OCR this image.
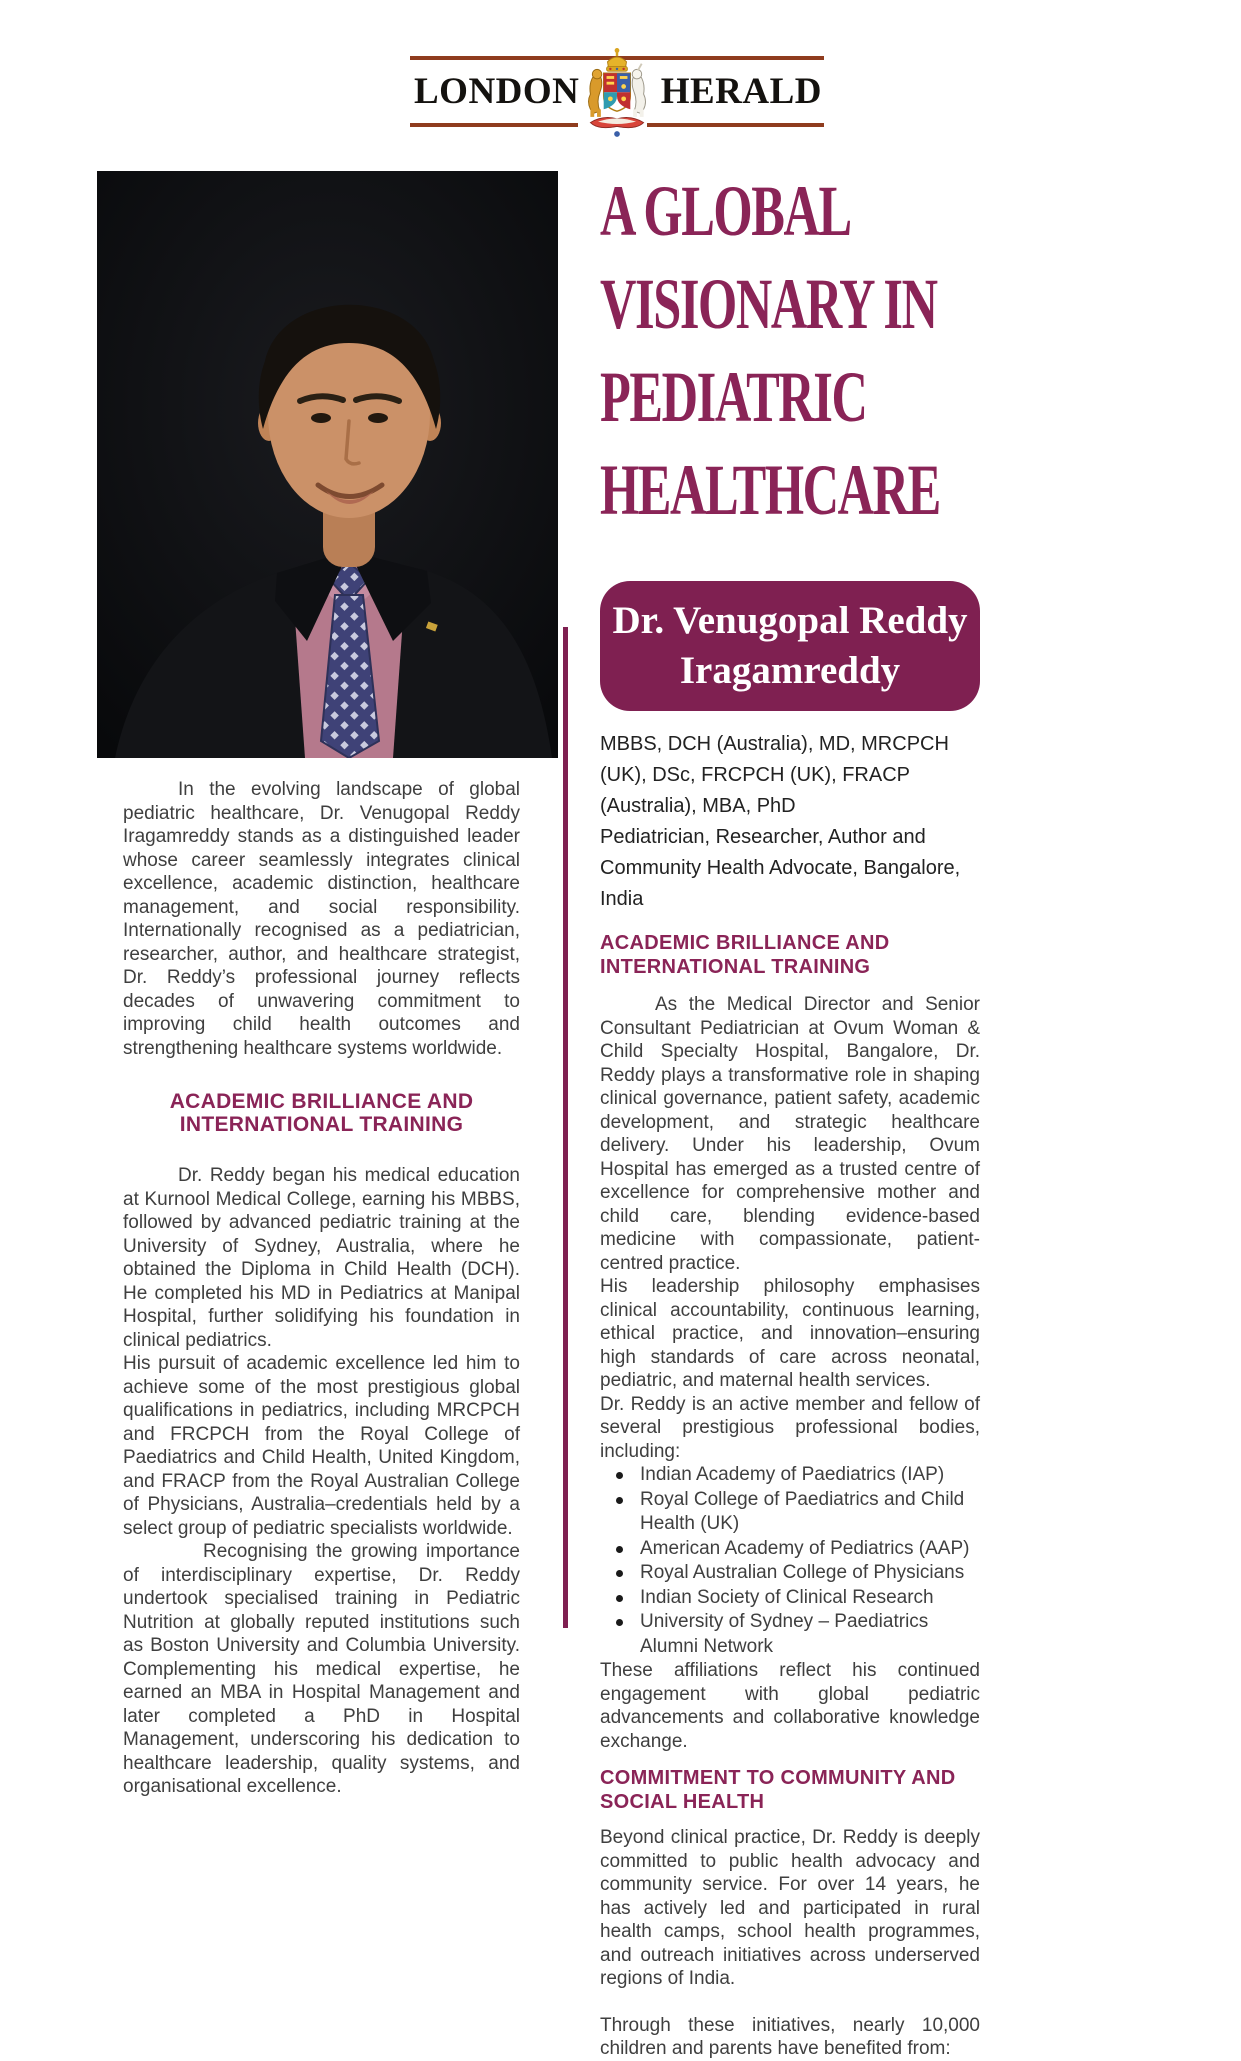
LONDON HERALD

In the evolving landscape of global pediatric healthcare, Dr. Venugopal Reddy Iragamreddy stands as a distinguished leader whose career seamlessly integrates clinical excellence, academic distinction, healthcare management, and social responsibility. Internationally recognised as a pediatrician, researcher, author, and healthcare strategist, Dr. Reddy’s professional journey reflects decades of unwavering commitment to improving child health outcomes and strengthening healthcare systems worldwide.

ACADEMIC BRILLIANCE AND INTERNATIONAL TRAINING

Dr. Reddy began his medical education at Kurnool Medical College, earning his MBBS, followed by advanced pediatric training at the University of Sydney, Australia, where he obtained the Diploma in Child Health (DCH). He completed his MD in Pediatrics at Manipal Hospital, further solidifying his foundation in clinical pediatrics.

His pursuit of academic excellence led him to achieve some of the most prestigious global qualifications in pediatrics, including MRCPCH and FRCPCH from the Royal College of Paediatrics and Child Health, United Kingdom, and FRACP from the Royal Australian College of Physicians, Australia–credentials held by a select group of pediatric specialists worldwide.

Recognising the growing importance of interdisciplinary expertise, Dr. Reddy undertook specialised training in Pediatric Nutrition at globally reputed institutions such as Boston University and Columbia University. Complementing his medical expertise, he earned an MBA in Hospital Management and later completed a PhD in Hospital Management, underscoring his dedication to healthcare leadership, quality systems, and organisational excellence.

A GLOBAL
VISIONARY IN
PEDIATRIC
HEALTHCARE
Dr. Venugopal Reddy
Iragamreddy

MBBS, DCH (Australia), MD, MRCPCH (UK), DSc, FRCPCH (UK), FRACP (Australia), MBA, PhD

Pediatrician, Researcher, Author and Community Health Advocate, Bangalore, India

ACADEMIC BRILLIANCE AND INTERNATIONAL TRAINING

As the Medical Director and Senior Consultant Pediatrician at Ovum Woman & Child Specialty Hospital, Bangalore, Dr. Reddy plays a transformative role in shaping clinical governance, patient safety, academic development, and strategic healthcare delivery. Under his leadership, Ovum Hospital has emerged as a trusted centre of excellence for comprehensive mother and child care, blending evidence-based medicine with compassionate, patient-centred practice.

His leadership philosophy emphasises clinical accountability, continuous learning, ethical practice, and innovation–ensuring high standards of care across neonatal, pediatric, and maternal health services.

Dr. Reddy is an active member and fellow of several prestigious professional bodies, including:

Indian Academy of Paediatrics (IAP)
Royal College of Paediatrics and Child Health (UK)
American Academy of Pediatrics (AAP)
Royal Australian College of Physicians
Indian Society of Clinical Research
University of Sydney – Paediatrics Alumni Network

These affiliations reflect his continued engagement with global pediatric advancements and collaborative knowledge exchange.

COMMITMENT TO COMMUNITY AND SOCIAL HEALTH

Beyond clinical practice, Dr. Reddy is deeply committed to public health advocacy and community service. For over 14 years, he has actively led and participated in rural health camps, school health programmes, and outreach initiatives across underserved regions of India.

Through these initiatives, nearly 10,000 children and parents have benefited from:
